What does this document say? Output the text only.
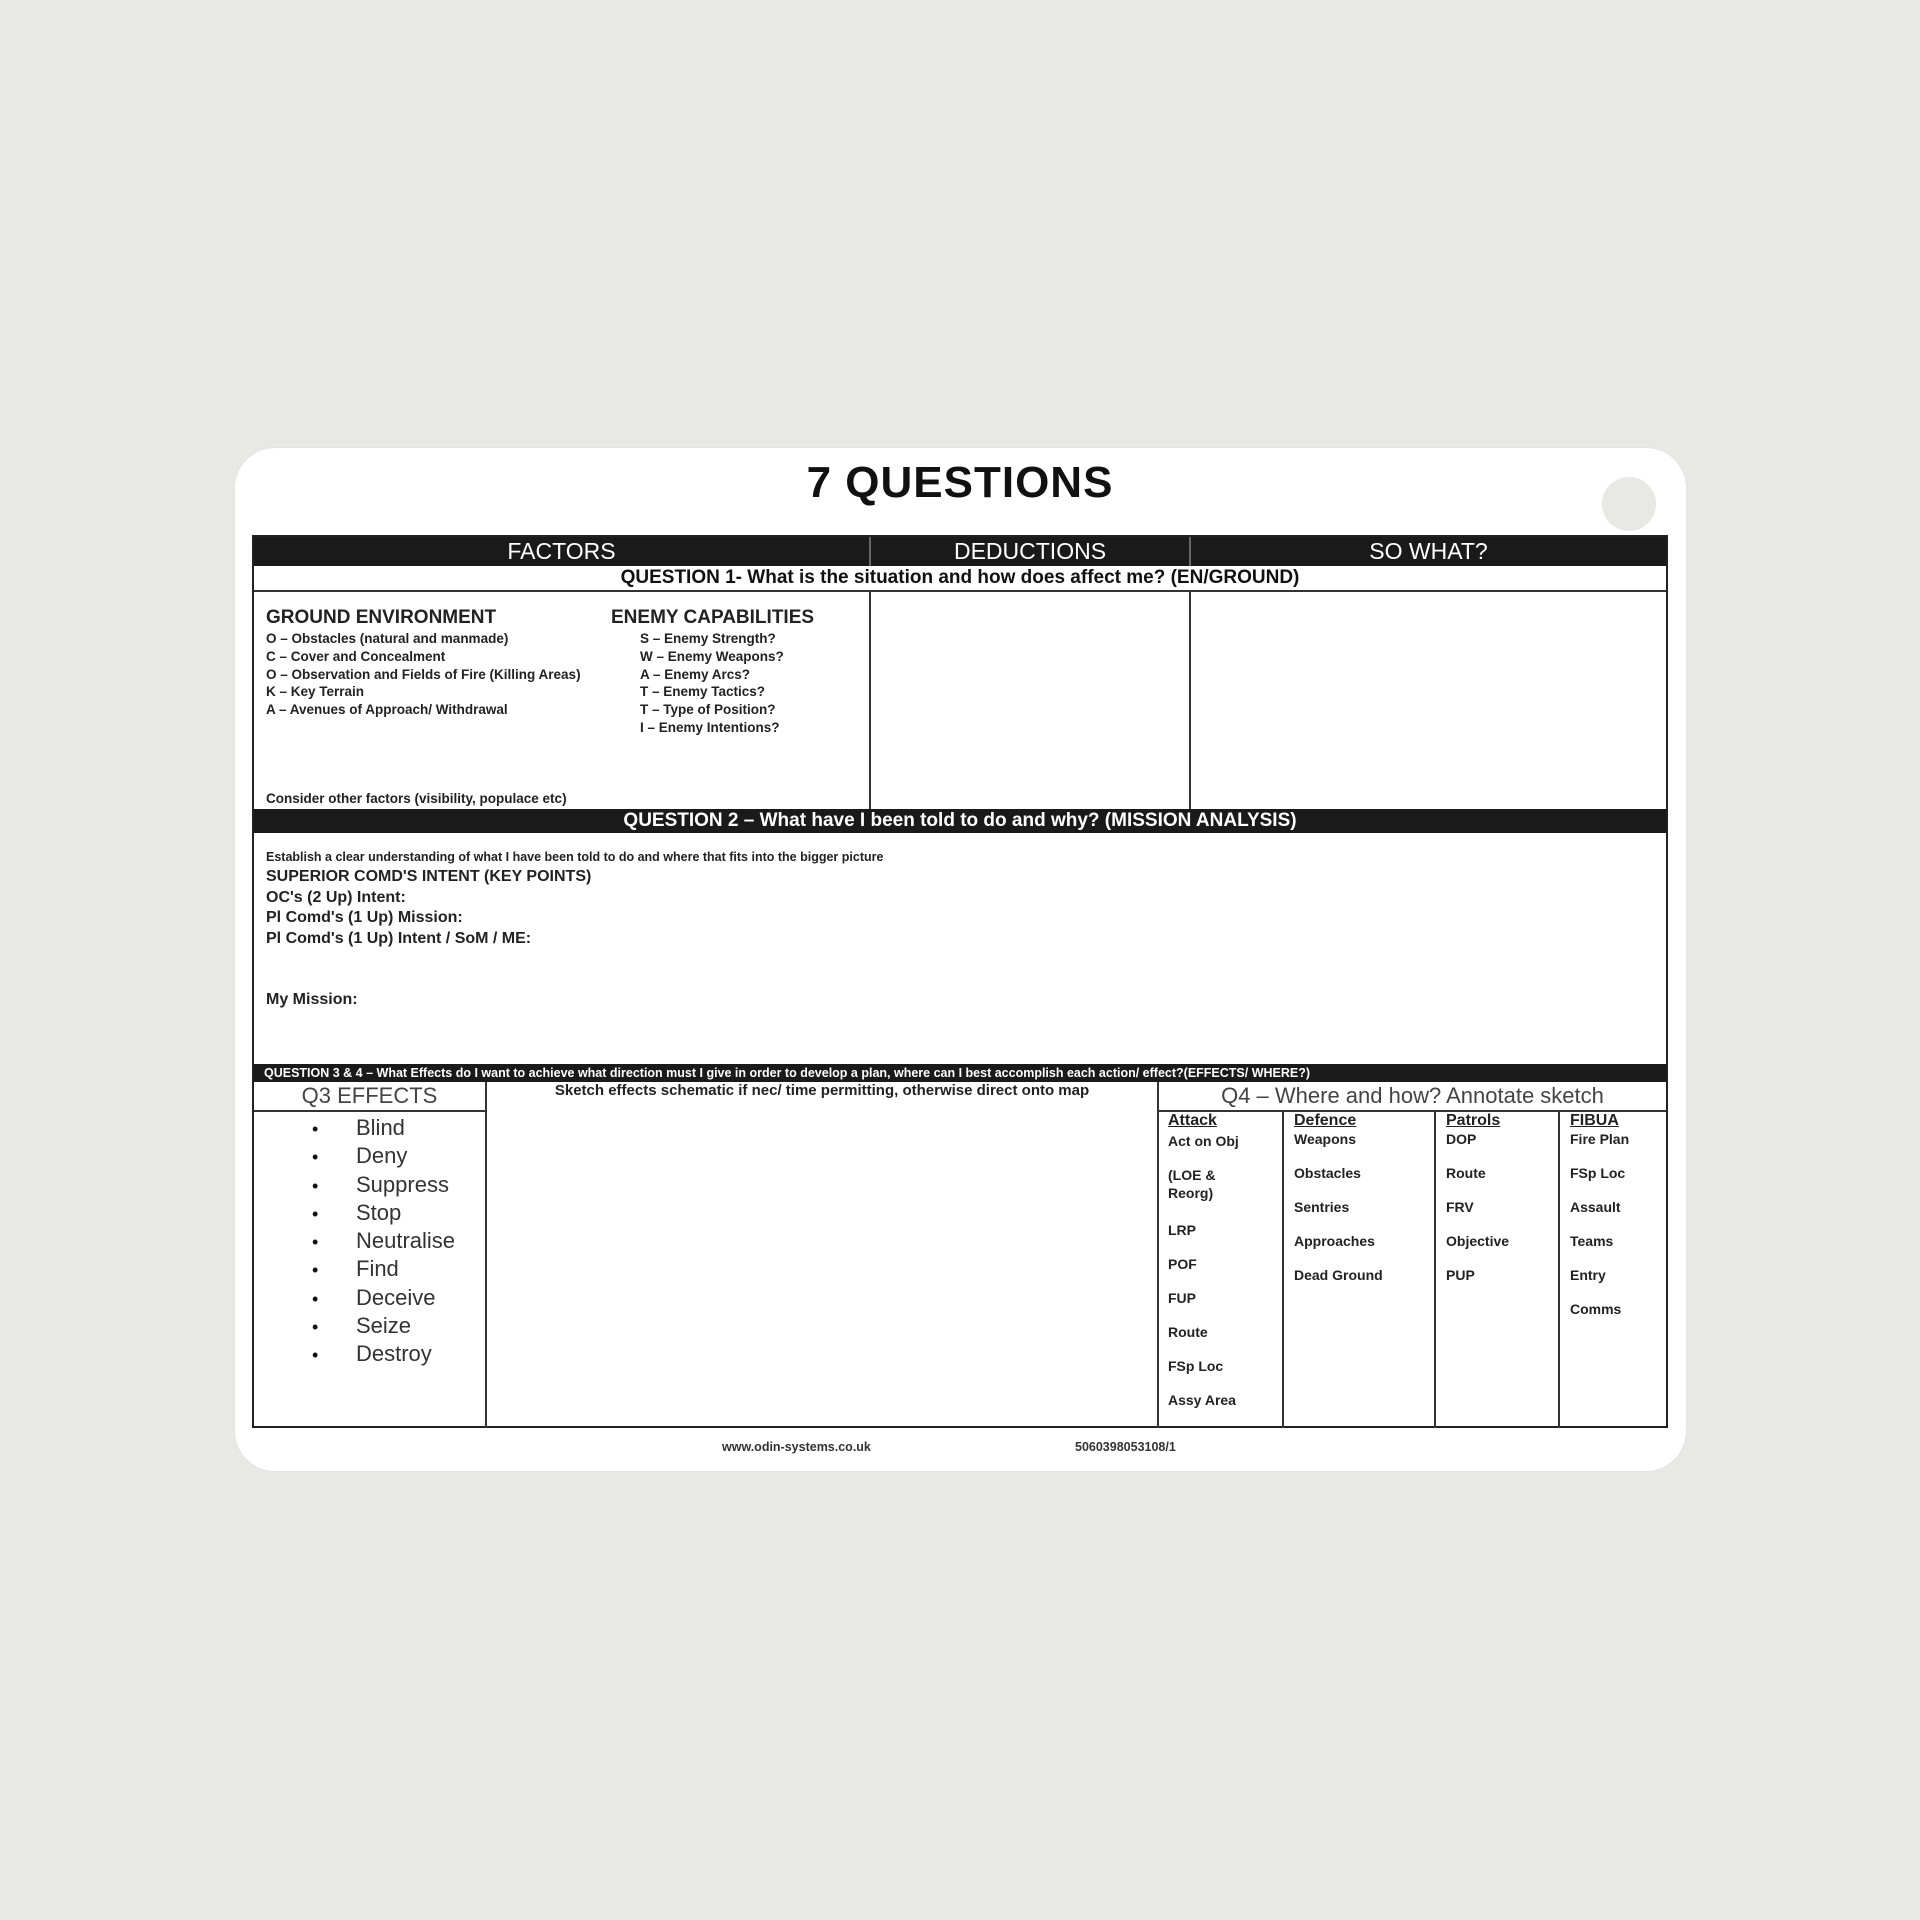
7 QUESTIONS
FACTORS	DEDUCTIONS	SO WHAT?
QUESTION 1- What is the situation and how does affect me? (EN/GROUND)
GROUND ENVIRONMENT
O – Obstacles (natural and manmade)
C – Cover and Concealment
O – Observation and Fields of Fire (Killing Areas)
K – Key Terrain
A – Avenues of Approach/ Withdrawal
ENEMY CAPABILITIES
S – Enemy Strength?
W – Enemy Weapons?
A – Enemy Arcs?
T – Enemy Tactics?
T – Type of Position?
I – Enemy Intentions?
Consider other factors (visibility, populace etc)
QUESTION 2 – What have I been told to do and why? (MISSION ANALYSIS)
Establish a clear understanding of what I have been told to do and where that fits into the bigger picture
SUPERIOR COMD'S INTENT (KEY POINTS)
OC's (2 Up) Intent:
Pl Comd's (1 Up) Mission:
Pl Comd's (1 Up) Intent / SoM / ME:
My Mission:
QUESTION 3 & 4 – What Effects do I want to achieve what direction must I give in order to develop a plan, where can I best accomplish each action/ effect?(EFFECTS/ WHERE?)
Q3 EFFECTS	Sketch effects schematic if nec/ time permitting, otherwise direct onto map	Q4 – Where and how? Annotate sketch
• Blind
• Deny
• Suppress
• Stop
• Neutralise
• Find
• Deceive
• Seize
• Destroy
Attack
Act on Obj
(LOE &
Reorg)
LRP
POF
FUP
Route
FSp Loc
Assy Area
Defence
Weapons
Obstacles
Sentries
Approaches
Dead Ground
Patrols
DOP
Route
FRV
Objective
PUP
FIBUA
Fire Plan
FSp Loc
Assault
Teams
Entry
Comms
www.odin-systems.co.uk	5060398053108/1
